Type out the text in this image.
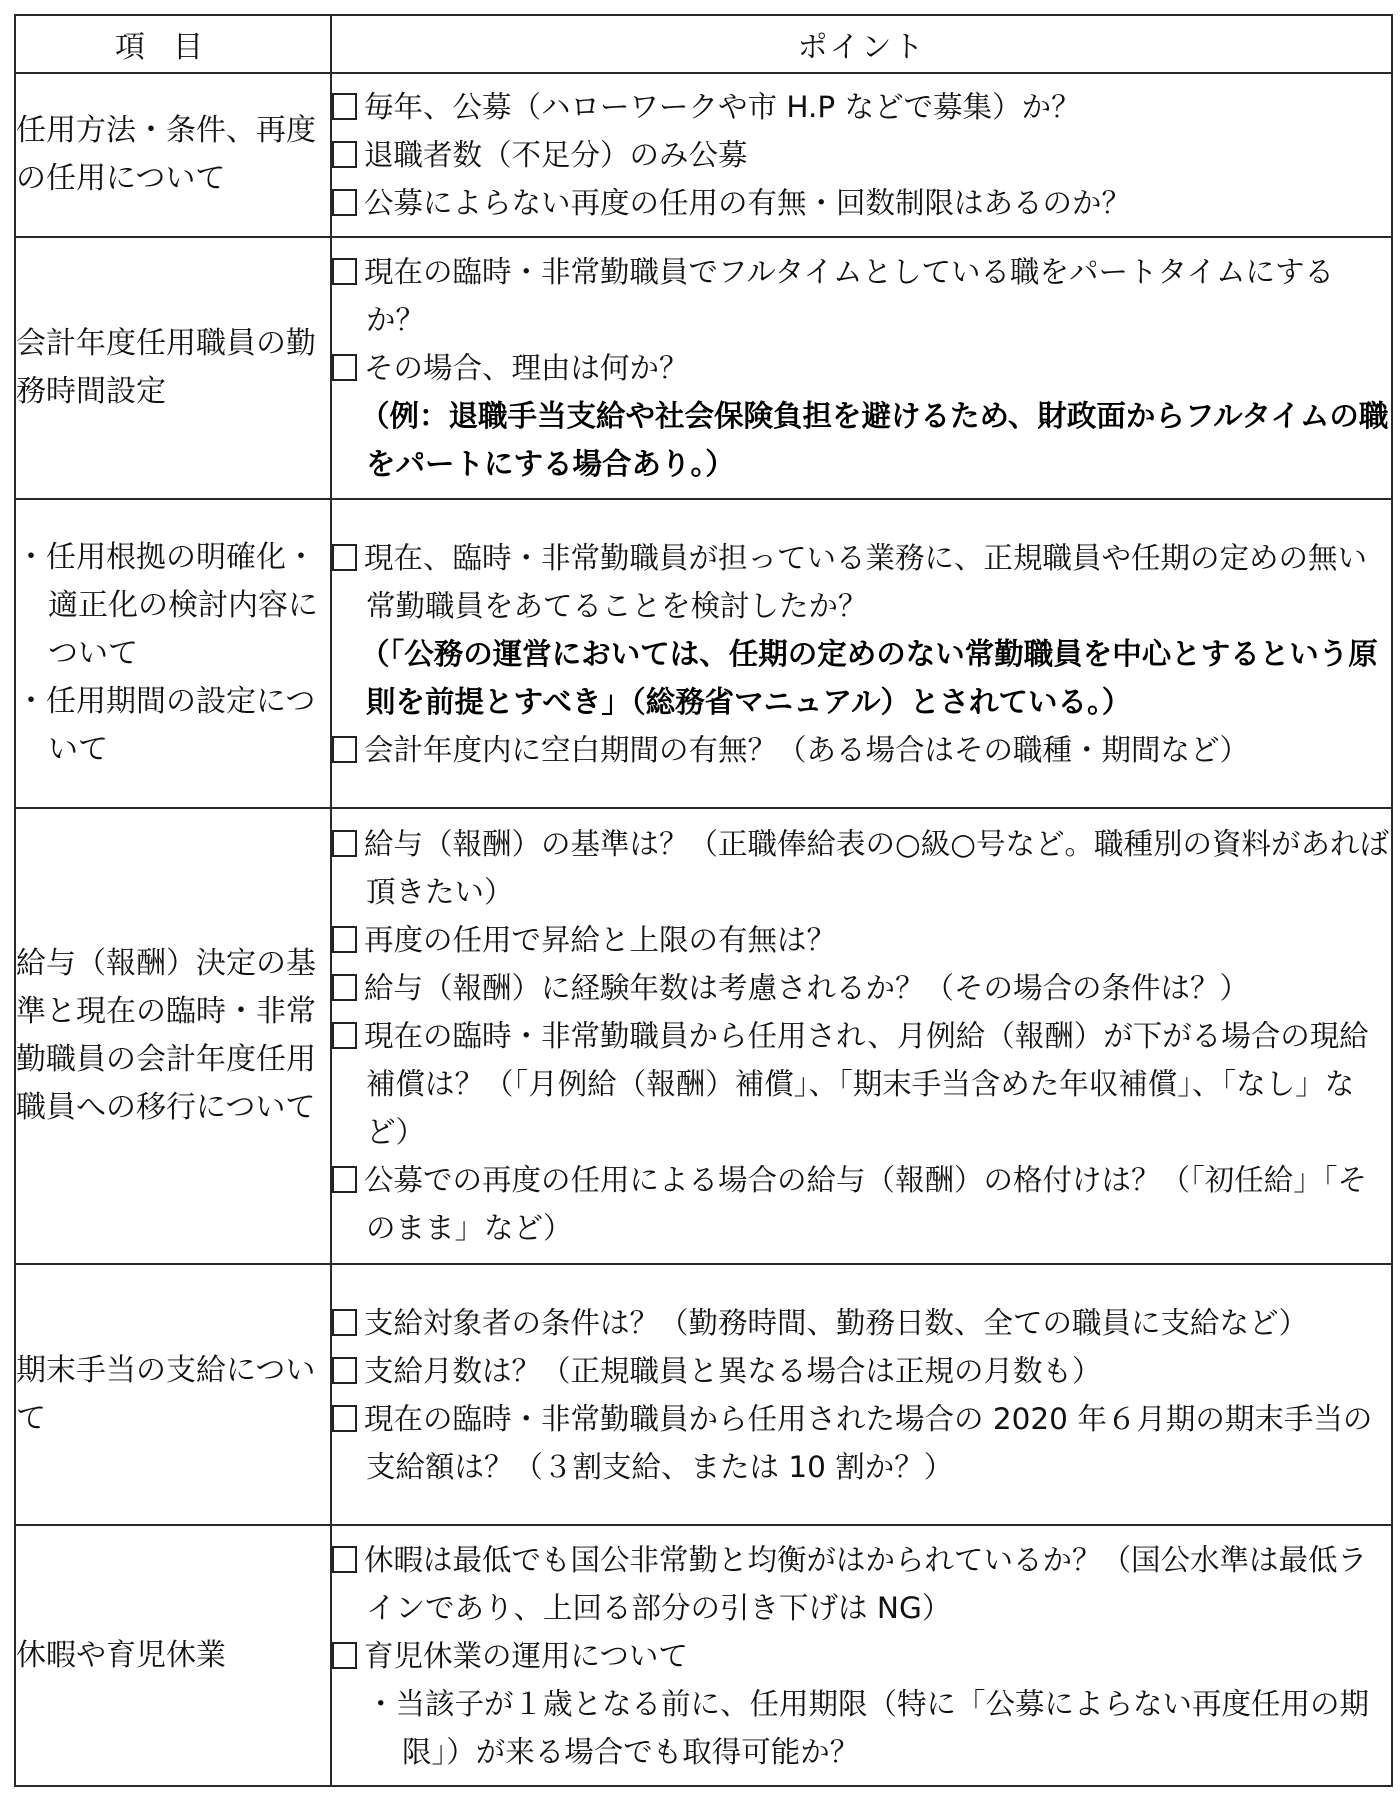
項目	ポイント
任用方法・条件、再度の任用について	毎年、公募（ハローワークや市 H.P などで募集）か？
退職者数（不足分）のみ公募
公募によらない再度の任用の有無・回数制限はあるのか？

会計年度任用職員の勤務時間設定	現在の臨時・非常勤職員でフルタイムとしている職をパートタイムにするか？
その場合、理由は何か？
（例：退職手当支給や社会保険負担を避けるため、財政面からフルタイムの職をパートにする場合あり。）

・任用根拠の明確化・適正化の検討内容について
・任用期間の設定について	現在、臨時・非常勤職員が担っている業務に、正規職員や任期の定めの無い常勤職員をあてることを検討したか？
（「公務の運営においては、任期の定めのない常勤職員を中心とするという原則を前提とすべき」（総務省マニュアル）とされている。）
会計年度内に空白期間の有無？（ある場合はその職種・期間など）

給与（報酬）決定の基準と現在の臨時・非常勤職員の会計年度任用職員への移行について	給与（報酬）の基準は？（正職俸給表の○級○号など。職種別の資料があれば頂きたい）
再度の任用で昇給と上限の有無は？
給与（報酬）に経験年数は考慮されるか？（その場合の条件は？）
現在の臨時・非常勤職員から任用され、月例給（報酬）が下がる場合の現給補償は？（「月例給（報酬）補償」、「期末手当含めた年収補償」、「なし」など）
公募での再度の任用による場合の給与（報酬）の格付けは？（「初任給」「そのまま」など）

期末手当の支給について	支給対象者の条件は？（勤務時間、勤務日数、全ての職員に支給など）
支給月数は？（正規職員と異なる場合は正規の月数も）
現在の臨時・非常勤職員から任用された場合の 2020 年６月期の期末手当の支給額は？（３割支給、または 10 割か？）

休暇や育児休業	休暇は最低でも国公非常勤と均衡がはかられているか？（国公水準は最低ラインであり、上回る部分の引き下げは NG）
育児休業の運用について
・当該子が１歳となる前に、任用期限（特に「公募によらない再度任用の期限」）が来る場合でも取得可能か？
